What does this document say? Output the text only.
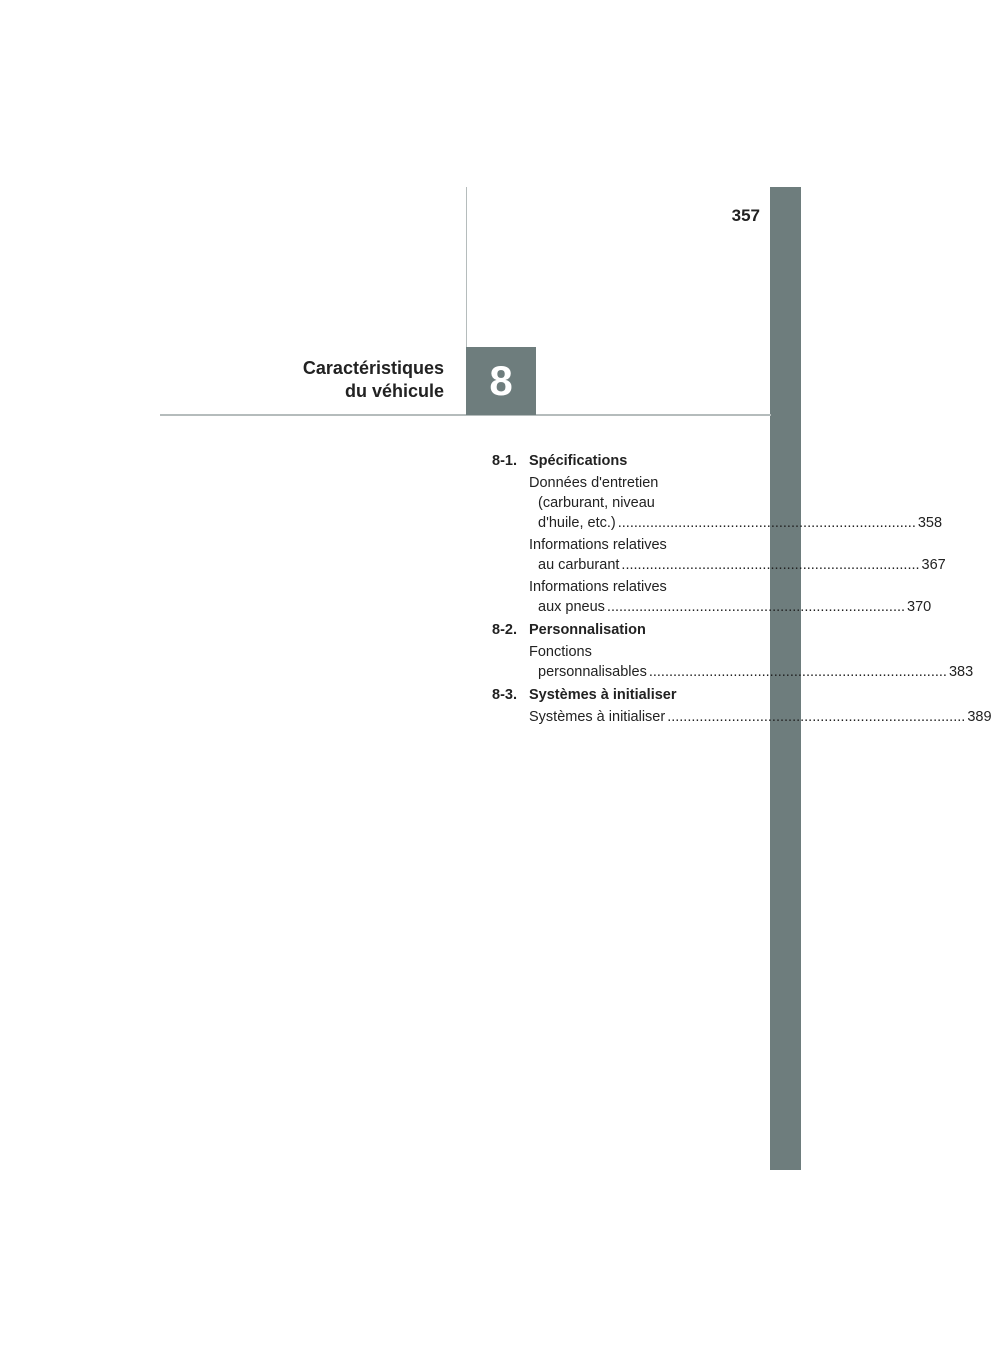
357
Caractéristiques
du véhicule 8
8-1. Spécifications
Données d'entretien
(carburant, niveau
d'huile, etc.) .......................................................................... 358
Informations relatives
au carburant .......................................................................... 367
Informations relatives
aux pneus .......................................................................... 370
8-2. Personnalisation
Fonctions
personnalisables .......................................................................... 383
8-3. Systèmes à initialiser
Systèmes à initialiser .......................................................................... 389
